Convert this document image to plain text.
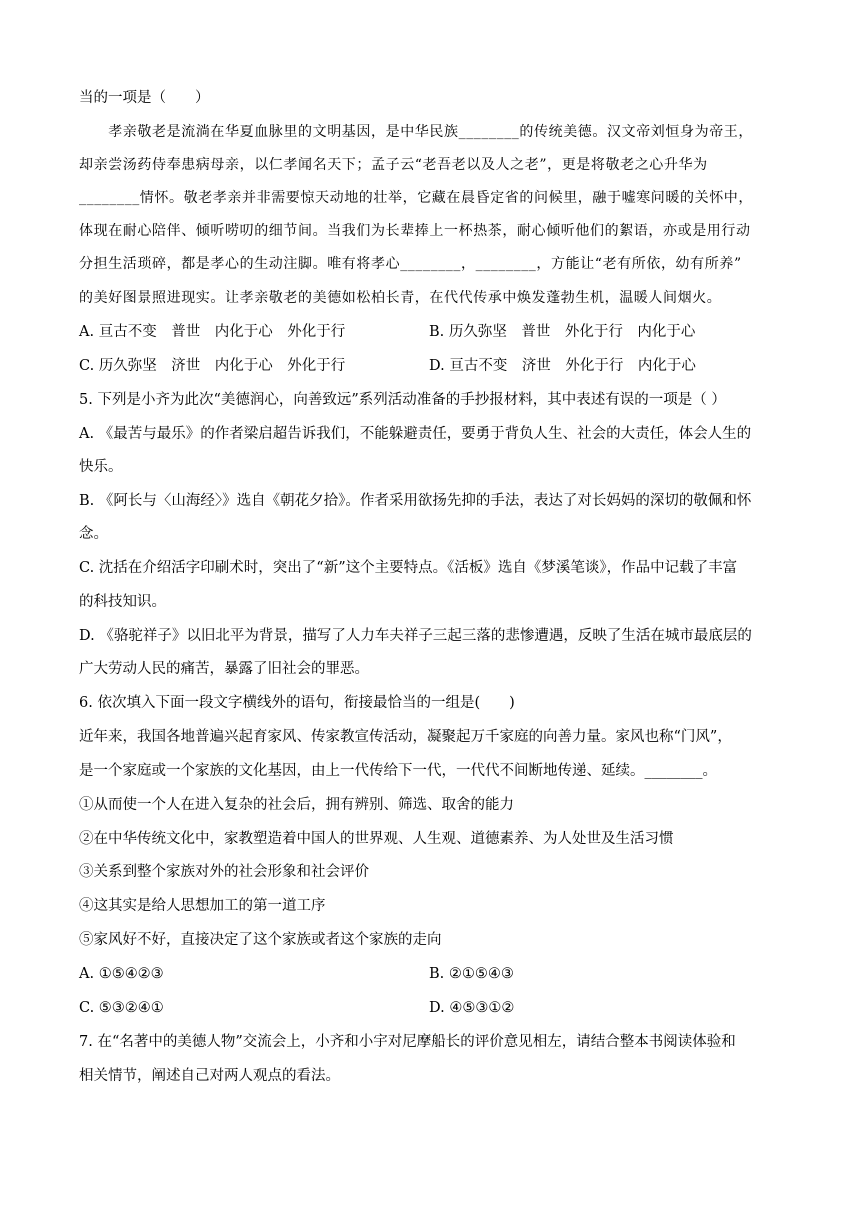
当的一项是（　　）
　　孝亲敬老是流淌在华夏血脉里的文明基因，是中华民族________的传统美德。汉文帝刘恒身为帝王，
却亲尝汤药侍奉患病母亲，以仁孝闻名天下；孟子云“老吾老以及人之老”，更是将敬老之心升华为
________情怀。敬老孝亲并非需要惊天动地的壮举，它藏在晨昏定省的问候里，融于嘘寒问暖的关怀中，
体现在耐心陪伴、倾听唠叨的细节间。当我们为长辈捧上一杯热茶，耐心倾听他们的絮语，亦或是用行动
分担生活琐碎，都是孝心的生动注脚。唯有将孝心________，________，方能让“老有所依，幼有所养”
的美好图景照进现实。让孝亲敬老的美德如松柏长青，在代代传承中焕发蓬勃生机，温暖人间烟火。
A. 亘古不变　普世　内化于心　外化于行	B. 历久弥坚　普世　外化于行　内化于心
C. 历久弥坚　济世　内化于心　外化于行	D. 亘古不变　济世　外化于行　内化于心
5. 下列是小齐为此次“美德润心，向善致远”系列活动准备的手抄报材料，其中表述有误的一项是（ ）
A. 《最苦与最乐》的作者梁启超告诉我们，不能躲避责任，要勇于背负人生、社会的大责任，体会人生的
快乐。
B. 《阿长与〈山海经〉》选自《朝花夕拾》。作者采用欲扬先抑的手法，表达了对长妈妈的深切的敬佩和怀
念。
C. 沈括在介绍活字印刷术时，突出了“新”这个主要特点。《活板》选自《梦溪笔谈》，作品中记载了丰富
的科技知识。
D. 《骆驼祥子》以旧北平为背景，描写了人力车夫祥子三起三落的悲惨遭遇，反映了生活在城市最底层的
广大劳动人民的痛苦，暴露了旧社会的罪恶。
6. 依次填入下面一段文字横线外的语句，衔接最恰当的一组是(　　)
近年来，我国各地普遍兴起育家风、传家教宣传活动，凝聚起万千家庭的向善力量。家风也称“门风”，
是一个家庭或一个家族的文化基因，由上一代传给下一代，一代代不间断地传递、延续。________。
①从而使一个人在进入复杂的社会后，拥有辨别、筛选、取舍的能力
②在中华传统文化中，家教塑造着中国人的世界观、人生观、道德素养、为人处世及生活习惯
③关系到整个家族对外的社会形象和社会评价
④这其实是给人思想加工的第一道工序
⑤家风好不好，直接决定了这个家族或者这个家族的走向
A. ①⑤④②③	B. ②①⑤④③
C. ⑤③②④①	D. ④⑤③①②
7. 在“名著中的美德人物”交流会上，小齐和小宇对尼摩船长的评价意见相左，请结合整本书阅读体验和
相关情节，阐述自己对两人观点的看法。
